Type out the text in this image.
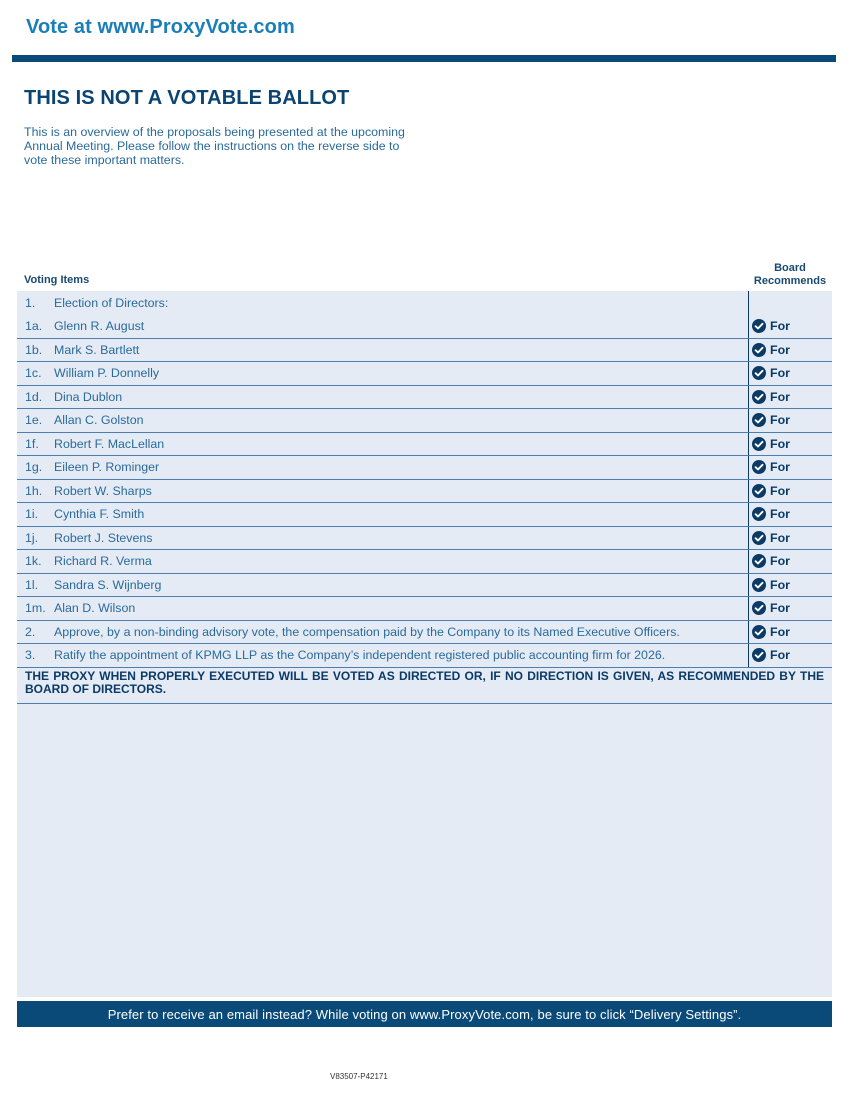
Vote at www.ProxyVote.com
THIS IS NOT A VOTABLE BALLOT

This is an overview of the proposals being presented at the upcoming Annual Meeting. Please follow the instructions on the reverse side to vote these important matters.

Voting Items
Board
Recommends
1.	Election of Directors:
1a. Glenn R. August	For
1b. Mark S. Bartlett	For
1c.	William P. Donnelly	For
1d. Dina Dublon	For
1e. Allan C. Golston	For
1f.	Robert F. MacLellan	For
1g. Eileen P. Rominger	For
1h. Robert W. Sharps	For
1i.	Cynthia F. Smith	For
1j.	Robert J. Stevens	For
1k.	Richard R. Verma	For
1l.	Sandra S. Wijnberg	For
1m. Alan D. Wilson	For
2.	Approve, by a non-binding advisory vote, the compensation paid by the Company to its Named Executive Officers.	For
3.	Ratify the appointment of KPMG LLP as the Company’s independent registered public accounting firm for 2026.	For
THE PROXY WHEN PROPERLY EXECUTED WILL BE VOTED AS DIRECTED OR, IF NO DIRECTION IS GIVEN, AS RECOMMENDED BY THE BOARD OF DIRECTORS.
Prefer to receive an email instead? While voting on www.ProxyVote.com, be sure to click “Delivery Settings”.
V83507-P42171
